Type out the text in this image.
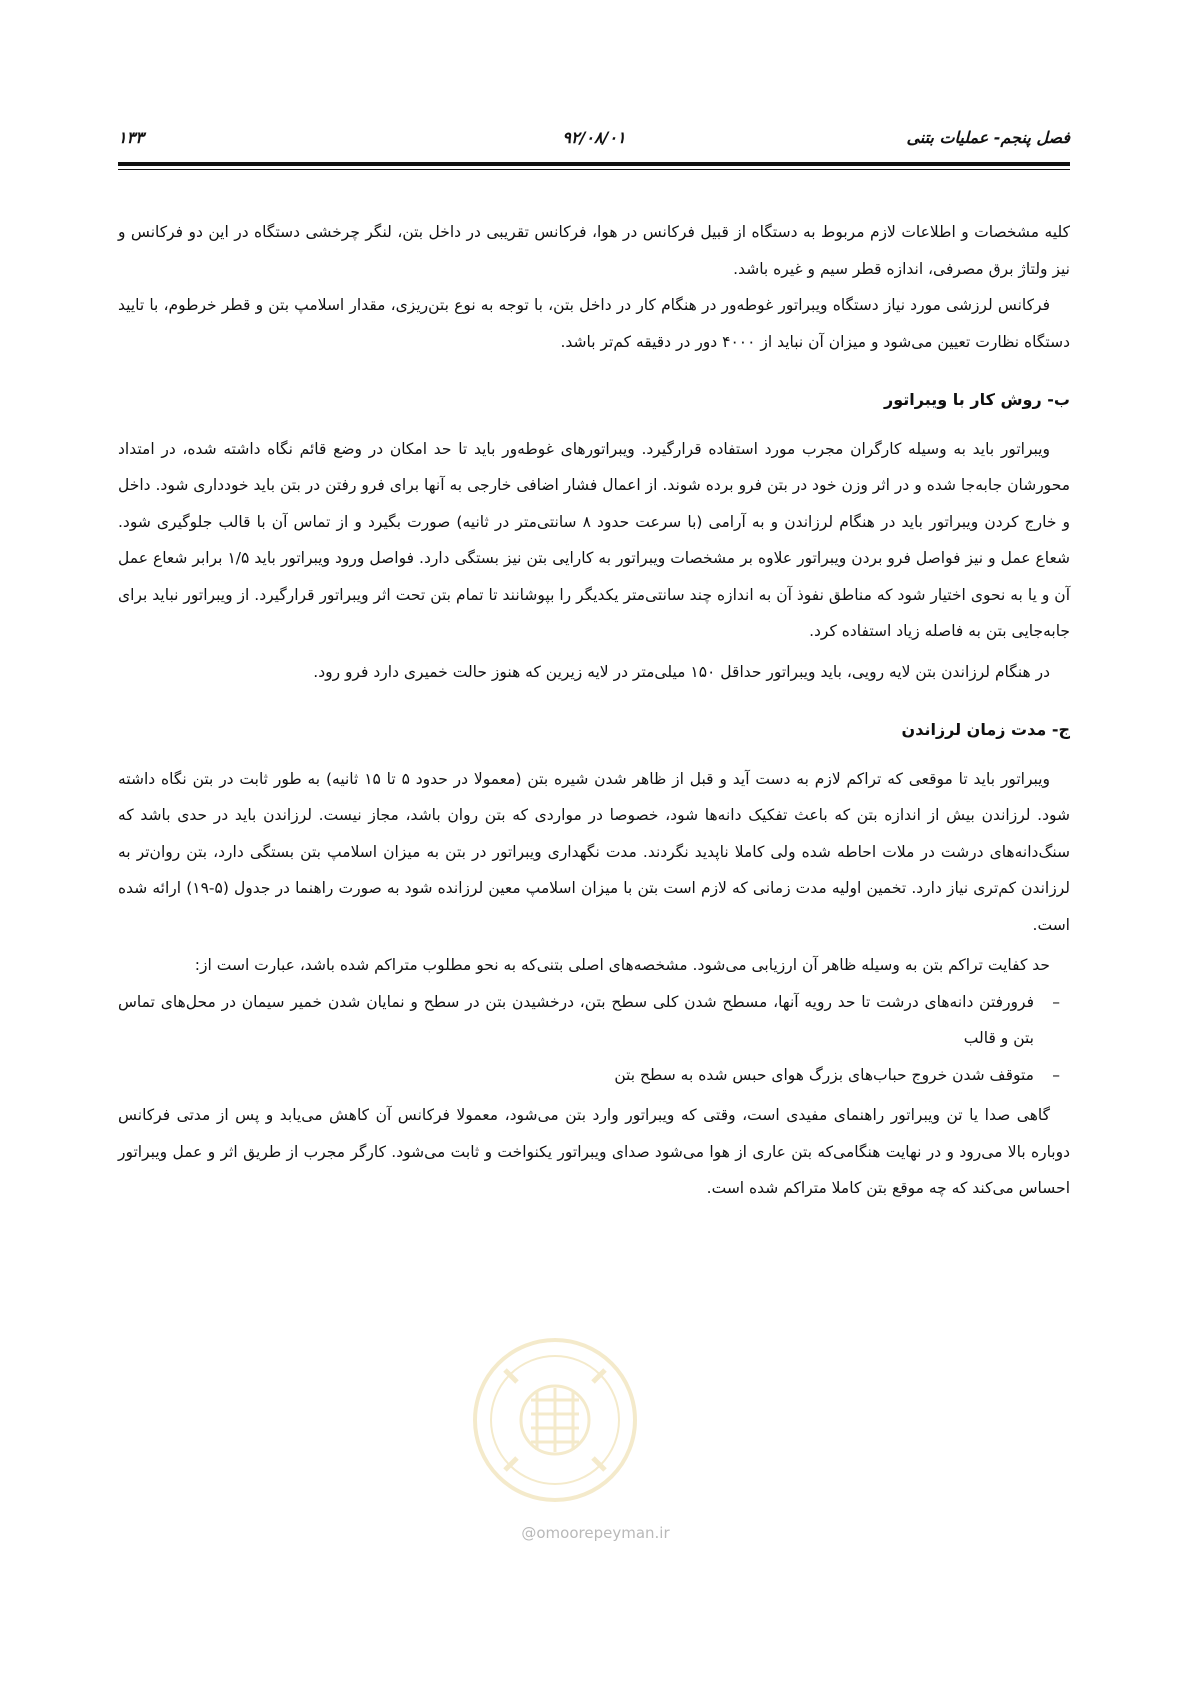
فصل پنجم- عملیات بتنی
۹۲/۰۸/۰۱
۱۳۳

کلیه مشخصات و اطلاعات لازم مربوط به دستگاه از قبیل فرکانس در هوا، فرکانس تقریبی در داخل بتن، لنگر چرخشی دستگاه در این دو فرکانس و نیز ولتاژ برق مصرفی، اندازه قطر سیم و غیره باشد.

فرکانس لرزشی مورد نیاز دستگاه ویبراتور غوطه‌ور در هنگام کار در داخل بتن، با توجه به نوع بتن‌ریزی، مقدار اسلامپ بتن و قطر خرطوم، با تایید دستگاه نظارت تعیین می‌شود و میزان آن نباید از ۴۰۰۰ دور در دقیقه کم‌تر باشد.

ب- روش کار با ویبراتور

ویبراتور باید به وسیله کارگران مجرب مورد استفاده قرارگیرد. ویبراتورهای غوطه‌ور باید تا حد امکان در وضع قائم نگاه داشته شده، در امتداد محورشان جابه‌جا شده و در اثر وزن خود در بتن فرو برده شوند. از اعمال فشار اضافی خارجی به آنها برای فرو رفتن در بتن باید خودداری شود. داخل و خارج کردن ویبراتور باید در هنگام لرزاندن و به آرامی (با سرعت حدود ۸ سانتی‌متر در ثانیه) صورت بگیرد و از تماس آن با قالب جلوگیری شود. شعاع عمل و نیز فواصل فرو بردن ویبراتور علاوه بر مشخصات ویبراتور به کارایی بتن نیز بستگی دارد. فواصل ورود ویبراتور باید ۱/۵ برابر شعاع عمل آن و یا به نحوی اختیار شود که مناطق نفوذ آن به اندازه چند سانتی‌متر یکدیگر را بپوشانند تا تمام بتن تحت اثر ویبراتور قرارگیرد. از ویبراتور نباید برای جابه‌جایی بتن به فاصله زیاد استفاده کرد.

در هنگام لرزاندن بتن لایه رویی، باید ویبراتور حداقل ۱۵۰ میلی‌متر در لایه زیرین که هنوز حالت خمیری دارد فرو رود.

ج- مدت زمان لرزاندن

ویبراتور باید تا موقعی که تراکم لازم به دست آید و قبل از ظاهر شدن شیره بتن (معمولا در حدود ۵ تا ۱۵ ثانیه) به طور ثابت در بتن نگاه داشته شود. لرزاندن بیش از اندازه بتن که باعث تفکیک دانه‌ها شود، خصوصا در مواردی که بتن روان باشد، مجاز نیست. لرزاندن باید در حدی باشد که سنگ‌دانه‌های درشت در ملات احاطه شده ولی کاملا ناپدید نگردند. مدت نگهداری ویبراتور در بتن به میزان اسلامپ بتن بستگی دارد، بتن روان‌تر به لرزاندن کم‌تری نیاز دارد. تخمین اولیه مدت زمانی که لازم است بتن با میزان اسلامپ معین لرزانده شود به صورت راهنما در جدول (۵-۱۹) ارائه شده است.

حد کفایت تراکم بتن به وسیله ظاهر آن ارزیابی می‌شود. مشخصه‌های اصلی بتنی‌که به نحو مطلوب متراکم شده باشد، عبارت است از:

–
فرورفتن دانه‌های درشت تا حد رویه آنها، مسطح شدن کلی سطح بتن، درخشیدن بتن در سطح و نمایان شدن خمیر سیمان در محل‌های تماس بتن و قالب
–
متوقف شدن خروج حباب‌های بزرگ هوای حبس شده به سطح بتن

گاهی صدا یا تن ویبراتور راهنمای مفیدی است، وقتی که ویبراتور وارد بتن می‌شود، معمولا فرکانس آن کاهش می‌یابد و پس از مدتی فرکانس دوباره بالا می‌رود و در نهایت هنگامی‌که بتن عاری از هوا می‌شود صدای ویبراتور یکنواخت و ثابت می‌شود. کارگر مجرب از طریق اثر و عمل ویبراتور احساس می‌کند که چه موقع بتن کاملا متراکم شده است.

@omoorepeyman.ir
